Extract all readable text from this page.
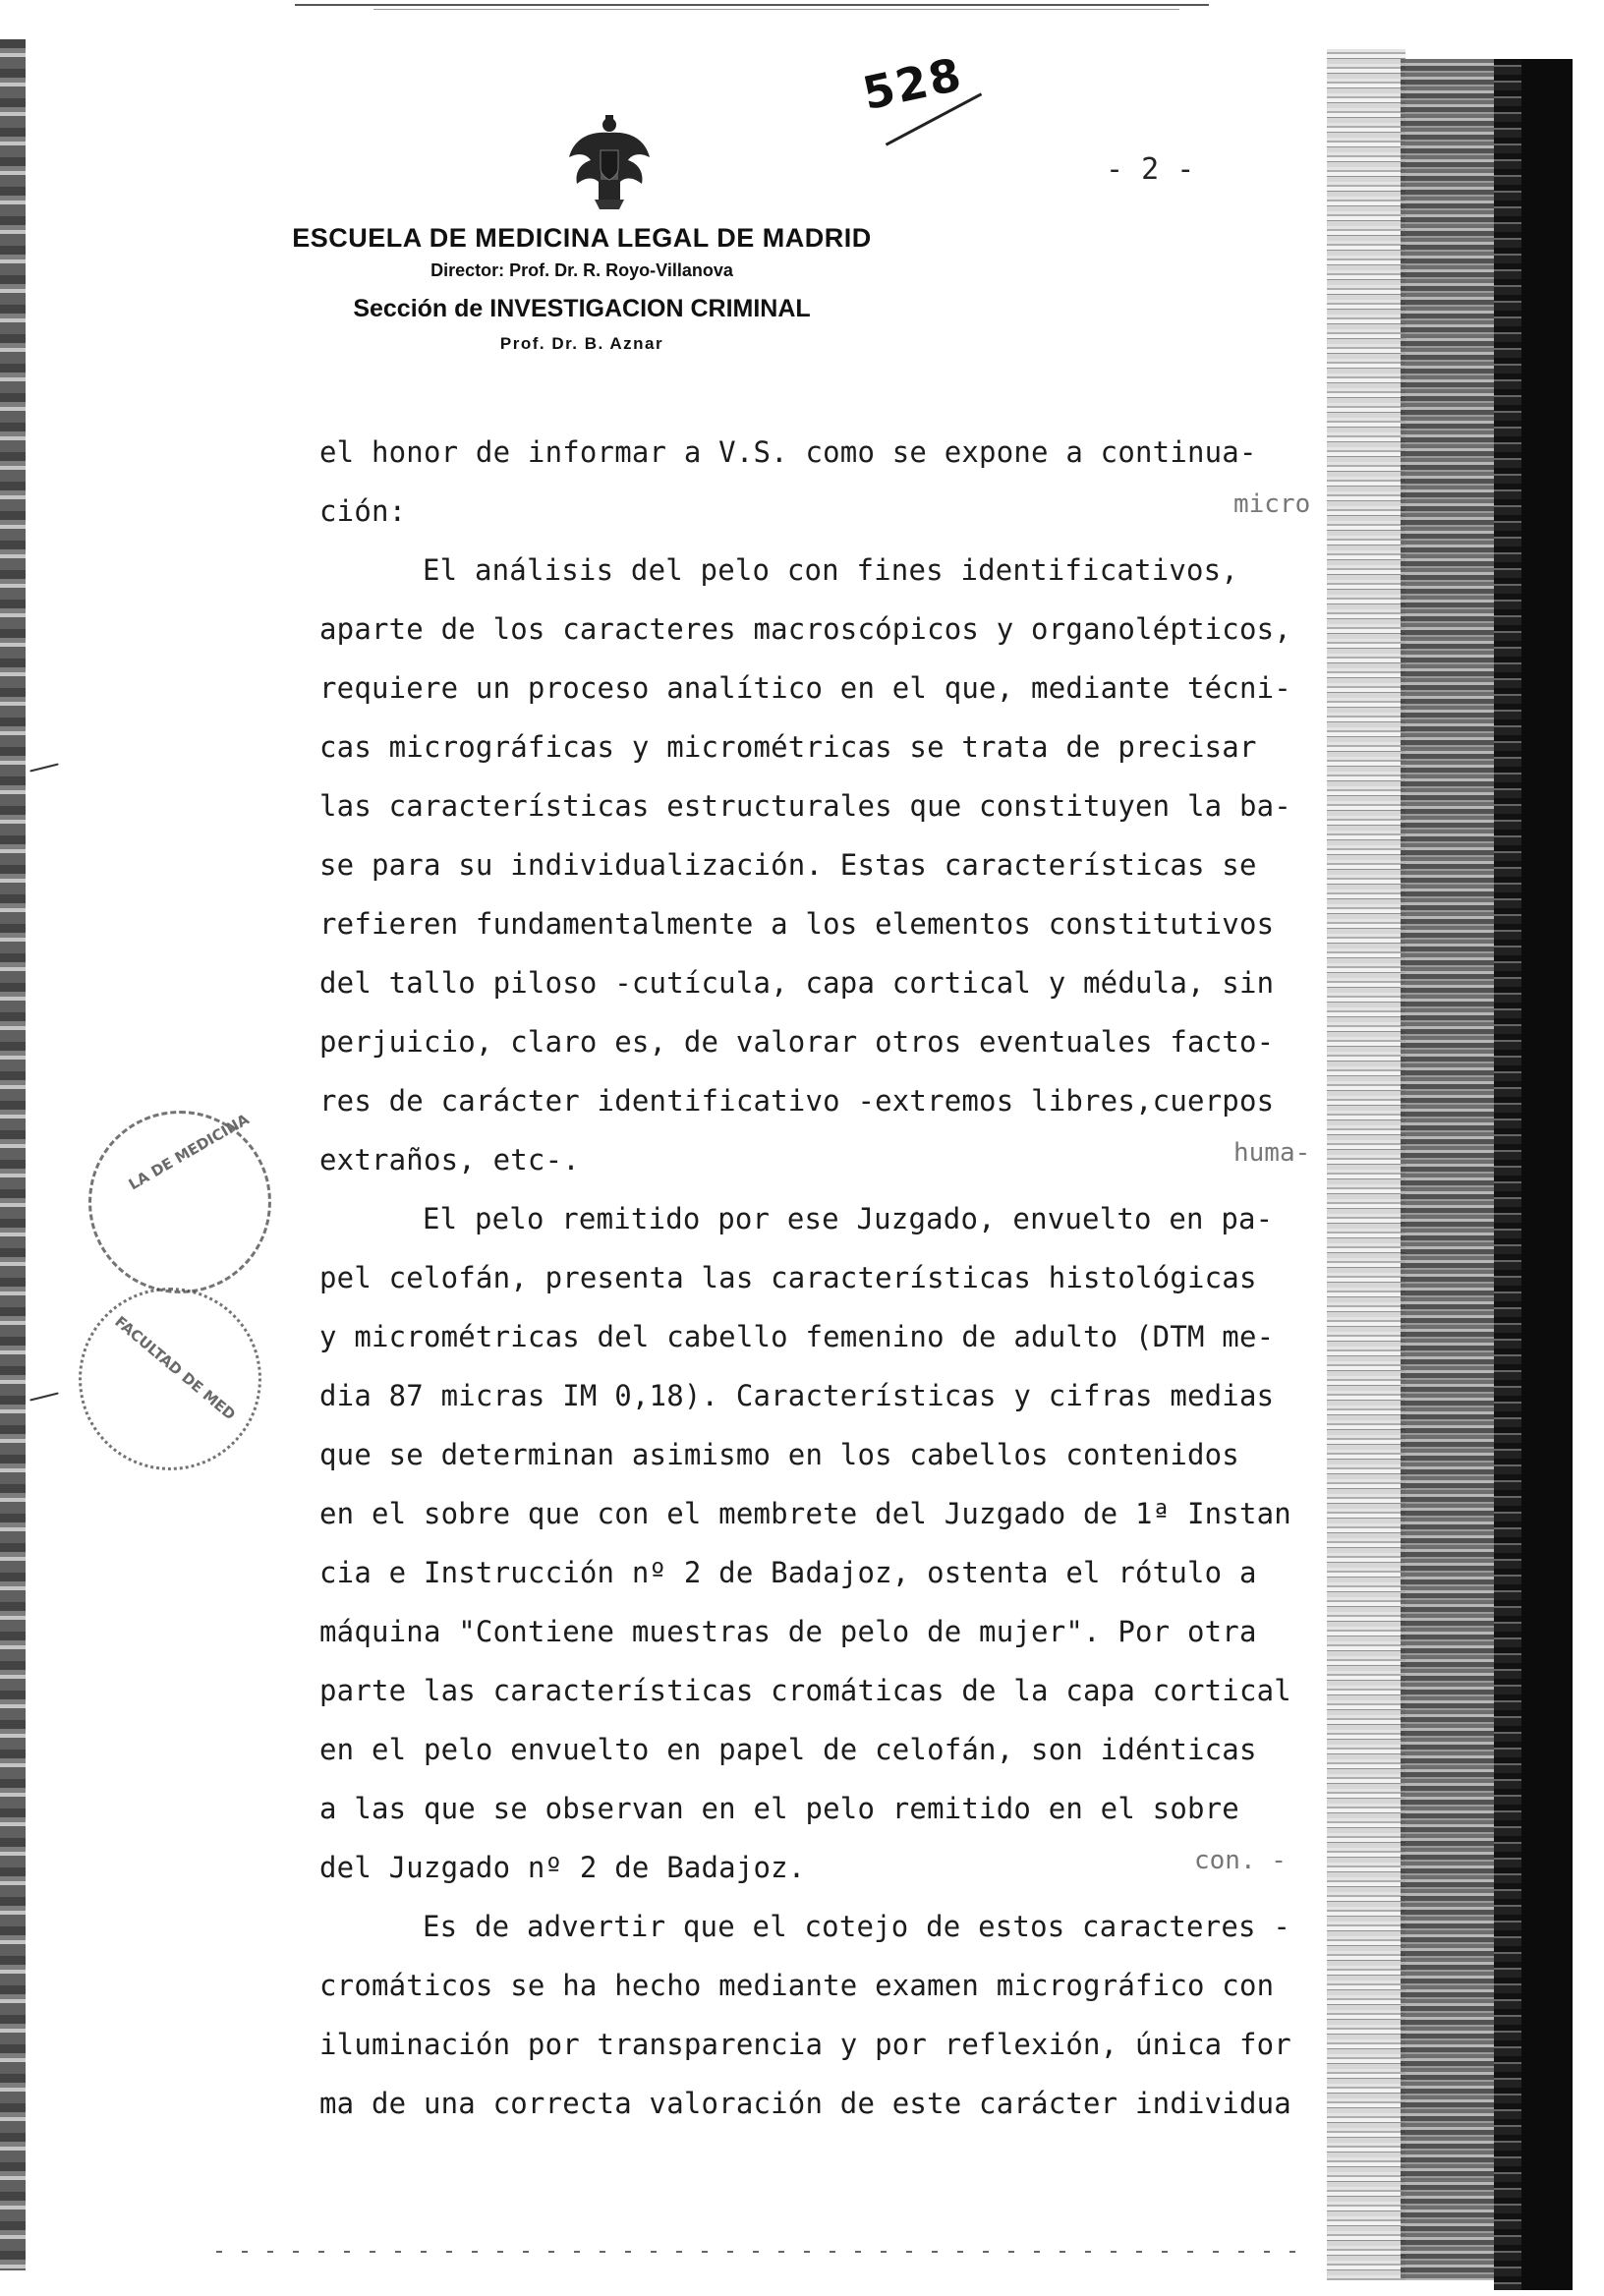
528
- 2 -
ESCUELA DE MEDICINA LEGAL DE MADRID
Director: Prof. Dr. R. Royo-Villanova
Sección de INVESTIGACION CRIMINAL
Prof. Dr. B. Aznar
el honor de informar a V.S. como se expone a continua-
ción:
El análisis del pelo con fines identificativos,
aparte de los caracteres macroscópicos y organolépticos,
requiere un proceso analítico en el que, mediante técni-
cas micrográficas y micrométricas se trata de precisar
las características estructurales que constituyen la ba-
se para su individualización. Estas características se
refieren fundamentalmente a los elementos constitutivos
del tallo piloso -cutícula, capa cortical y médula, sin
perjuicio, claro es, de valorar otros eventuales facto-
res de carácter identificativo -extremos libres,cuerpos
extraños, etc-.
El pelo remitido por ese Juzgado, envuelto en pa-
pel celofán, presenta las características histológicas
y micrométricas del cabello femenino de adulto (DTM me-
dia 87 micras IM 0,18). Características y cifras medias
que se determinan asimismo en los cabellos contenidos
en el sobre que con el membrete del Juzgado de 1ª Instan
cia e Instrucción nº 2 de Badajoz, ostenta el rótulo a
máquina "Contiene muestras de pelo de mujer". Por otra
parte las características cromáticas de la capa cortical
en el pelo envuelto en papel de celofán, son idénticas
a las que se observan en el pelo remitido en el sobre
del Juzgado nº 2 de Badajoz.
Es de advertir que el cotejo de estos caracteres -
cromáticos se ha hecho mediante examen micrográfico con
iluminación por transparencia y por reflexión, única for
ma de una correcta valoración de este carácter individua
micro
huma-
con. -
LA DE MEDICINA
FACULTAD DE MED
